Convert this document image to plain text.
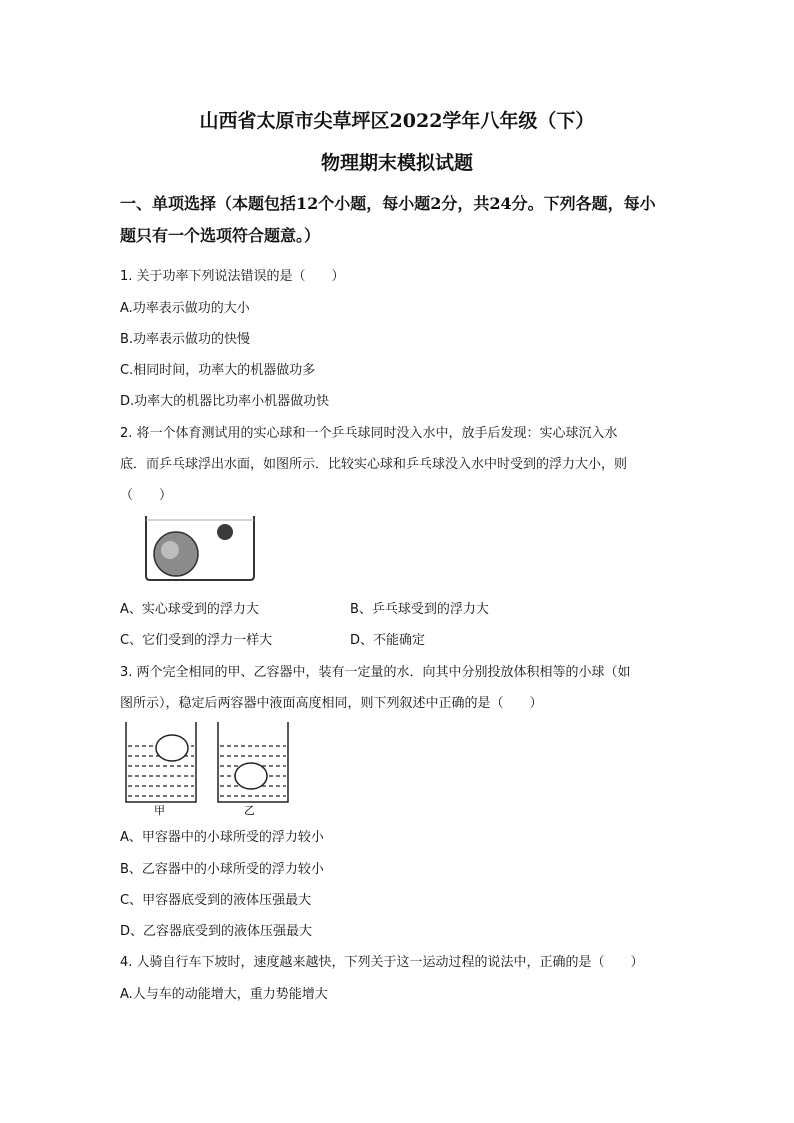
山西省太原市尖草坪区2022学年八年级（下）
物理期末模拟试题
一、单项选择（本题包括12个小题，每小题2分，共24分。下列各题，每小
题只有一个选项符合题意。）
1. 关于功率下列说法错误的是（　　）
A.功率表示做功的大小
B.功率表示做功的快慢
C.相同时间，功率大的机器做功多
D.功率大的机器比功率小机器做功快
2. 将一个体育测试用的实心球和一个乒乓球同时没入水中，放手后发现：实心球沉入水
底．而乒乓球浮出水面，如图所示．比较实心球和乒乓球没入水中时受到的浮力大小，则
（　　）
A、实心球受到的浮力大	B、乒乓球受到的浮力大
C、它们受到的浮力一样大	D、不能确定
3. 两个完全相同的甲、乙容器中，装有一定量的水．向其中分别投放体积相等的小球（如
图所示），稳定后两容器中液面高度相同，则下列叙述中正确的是（　　）
甲	乙
A、甲容器中的小球所受的浮力较小
B、乙容器中的小球所受的浮力较小
C、甲容器底受到的液体压强最大
D、乙容器底受到的液体压强最大
4. 人骑自行车下坡时，速度越来越快，下列关于这一运动过程的说法中，正确的是（　　）
A.人与车的动能增大，重力势能增大
